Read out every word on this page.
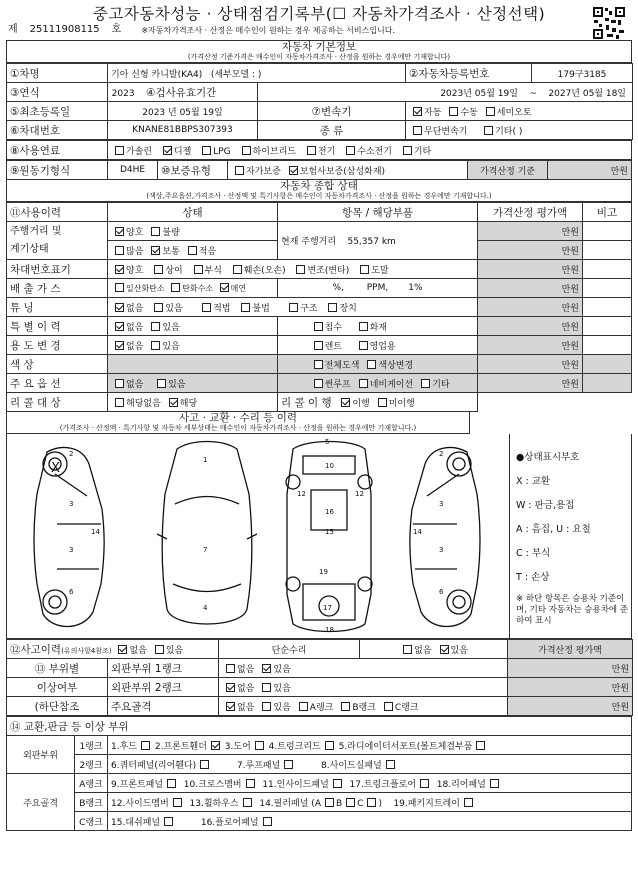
중고자동차성능 · 상태점검기록부(☐ 자동차가격조사 · 산정선택)
제 25111908115 호	※자동차가격조사 · 산정은 매수인이 원하는 경우 제공하는 서비스입니다.
자동차 기본정보
(가격산정 기준가격은 매수인이 자동차가격조사 · 산정을 원하는 경우에만 기재합니다)
①차명	기아 신형 카니발(KA4) (세부모델 : )		②자동차등록번호	179구3185
③연식	2023 ④검사유효기간	2023년 05월 19일 ~ 2027년 05월 18일		
⑤최초등록일	2023 년 05월 19일	⑦변속기	자동 수동 세미오토	
⑥차대번호	KNANE81BBPS307393	종 류	무단변속기 기타( )	
⑧사용연료	가솔린 디젤 LPG 하이브리드 전기 수소전기 기타
⑨원동기형식	D4HE	⑩보증유형	자가보증 보험사보증(삼성화재)	가격산정 기준	만원
자동차 종합 상태
(색상,주요옵션,가격조사 · 산정액 및 특기사항은 매수인이 자동차가격조사 · 산정을 원하는 경우에만 기재합니다.)
⑪사용이력	상태	항목 / 해당부품	가격산정 평가액	비고
주행거리 및
계기상태	양호 불량	현재 주행거리 55,357 km	만원	
	많음 보통 적음		만원	
차대번호표기	양호 상이 부식 훼손(오손) 변조(변타) 도말		만원	
배 출 가 스	일산화탄소 탄화수소 매연	%, PPM, 1%	만원	
튜 닝	없음 있음 적법 불법 구조 장치		만원	
특 별 이 력	없음 있음	침수 화재	만원	
용 도 변 경	없음 있음	렌트 영업용	만원	
색 상		전체도색 색상변경	만원	
주 요 옵 션	없음 있음	썬루프 네비게이션 기타	만원	
리 콜 대 상	해당없음 해당	리 콜 이 행 이행 미이행		
사고 · 교환 · 수리 등 이력
(가격조사 · 산정액 · 특기사항 및 자동차 세부상태는 매수인이 자동차가격조사 · 산정을 원하는 경우에만 기재합니다.)
2
3
3
14
6
1
7
4
5
10
12	12
16
15
19
17
18
2
3
3
14
6
X
●상태표시부호
X : 교환
W : 판금,용접
A : 흠집, U : 요철
C : 부식
T : 손상
※ 하단 항목은 승용차 기준이며, 기타 자동차는 승용차에 준하여 표시
⑫사고이력(유의사항4참조) 없음 있음		단순수리	없음 있음	가격산정 평가액
⑬ 부위별	외판부위 1랭크	없음 있음		만원
이상여부	외판부위 2랭크	없음 있음		만원
(하단참조	주요골격	없음 있음 A랭크 B랭크 C랭크		만원
⑭ 교환,판금 등 이상 부위		
외판부위	1랭크	1.후드 2.프론트휀더 3.도어 4.트렁크리드 5.라디에이터서포트(볼트체결부품
	2랭크	6.쿼터패널(리어휀다) 7.루프패널 8.사이드실패널
주요골격	A랭크	9.프론트패널 10.크로스멤버 11.인사이드패널 17.트렁크플로어 18.리어패널
	B랭크	12.사이드멤버 13.휠하우스 14.필러패널 (A B C )    19.패키지트레이
	C랭크	15.대쉬패널 16.플로어패널
